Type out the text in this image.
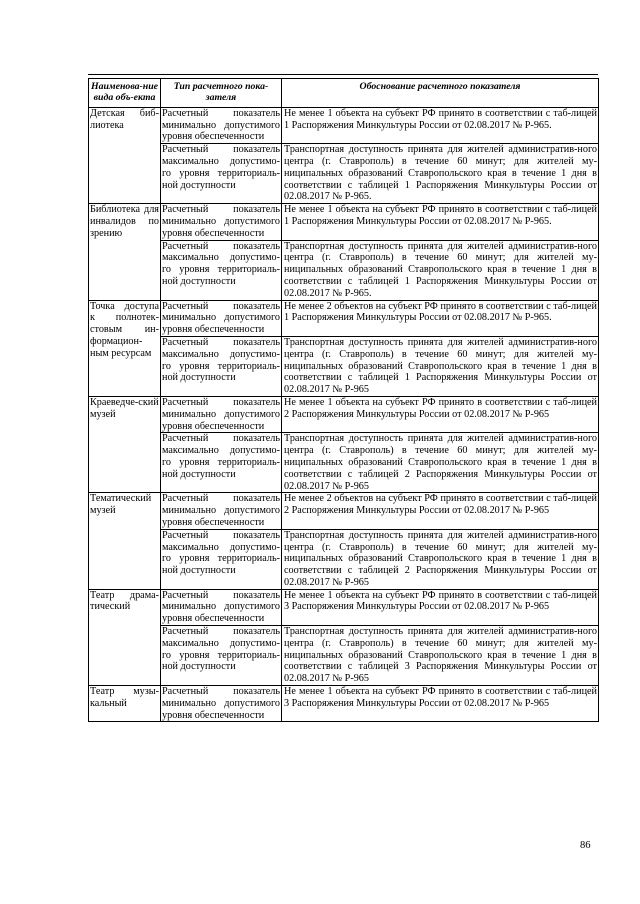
Наименова-ние вида объ-екта	Тип расчетного пока-зателя	Обоснование расчетного показателя
Детская биб-лиотека	Расчетный показатель минимально допустимого уровня обеспеченности	Не менее 1 объекта на субъект РФ принято в соответствии с таб-лицей 1 Распоряжения Минкультуры России от 02.08.2017 № Р-965.
	Расчетный показатель максимально допустимо-го уровня территориаль-ной доступности	Транспортная доступность принята для жителей административ-ного центра (г. Ставрополь) в течение 60 минут; для жителей му-ниципальных образований Ставропольского края в течение 1 дня в соответствии с таблицей 1 Распоряжения Минкультуры России от 02.08.2017 № Р-965.
Библиотека для инвалидов по зрению	Расчетный показатель минимально допустимого уровня обеспеченности	Не менее 1 объекта на субъект РФ принято в соответствии с таб-лицей 1 Распоряжения Минкультуры России от 02.08.2017 № Р-965.
	Расчетный показатель максимально допустимо-го уровня территориаль-ной доступности	Транспортная доступность принята для жителей административ-ного центра (г. Ставрополь) в течение 60 минут; для жителей му-ниципальных образований Ставропольского края в течение 1 дня в соответствии с таблицей 1 Распоряжения Минкультуры России от 02.08.2017 № Р-965.
Точка доступа к полнотек-стовым ин-формацион-ным ресурсам	Расчетный показатель минимально допустимого уровня обеспеченности	Не менее 2 объектов на субъект РФ принято в соответствии с таб-лицей 1 Распоряжения Минкультуры России от 02.08.2017 № Р-965.
	Расчетный показатель максимально допустимо-го уровня территориаль-ной доступности	Транспортная доступность принята для жителей административ-ного центра (г. Ставрополь) в течение 60 минут; для жителей му-ниципальных образований Ставропольского края в течение 1 дня в соответствии с таблицей 1 Распоряжения Минкультуры России от 02.08.2017 № Р-965
Краеведче-ский музей	Расчетный показатель минимально допустимого уровня обеспеченности	Не менее 1 объекта на субъект РФ принято в соответствии с таб-лицей 2 Распоряжения Минкультуры России от 02.08.2017 № Р-965
	Расчетный показатель максимально допустимо-го уровня территориаль-ной доступности	Транспортная доступность принята для жителей административ-ного центра (г. Ставрополь) в течение 60 минут; для жителей му-ниципальных образований Ставропольского края в течение 1 дня в соответствии с таблицей 2 Распоряжения Минкультуры России от 02.08.2017 № Р-965
Тематический музей	Расчетный показатель минимально допустимого уровня обеспеченности	Не менее 2 объектов на субъект РФ принято в соответствии с таб-лицей 2 Распоряжения Минкультуры России от 02.08.2017 № Р-965
	Расчетный показатель максимально допустимо-го уровня территориаль-ной доступности	Транспортная доступность принята для жителей административ-ного центра (г. Ставрополь) в течение 60 минут; для жителей му-ниципальных образований Ставропольского края в течение 1 дня в соответствии с таблицей 2 Распоряжения Минкультуры России от 02.08.2017 № Р-965
Театр драма-тический	Расчетный показатель минимально допустимого уровня обеспеченности	Не менее 1 объекта на субъект РФ принято в соответствии с таб-лицей 3 Распоряжения Минкультуры России от 02.08.2017 № Р-965
	Расчетный показатель максимально допустимо-го уровня территориаль-ной доступности	Транспортная доступность принята для жителей административ-ного центра (г. Ставрополь) в течение 60 минут; для жителей му-ниципальных образований Ставропольского края в течение 1 дня в соответствии с таблицей 3 Распоряжения Минкультуры России от 02.08.2017 № Р-965
Театр музы-кальный	Расчетный показатель минимально допустимого уровня обеспеченности	Не менее 1 объекта на субъект РФ принято в соответствии с таб-лицей 3 Распоряжения Минкультуры России от 02.08.2017 № Р-965
86
